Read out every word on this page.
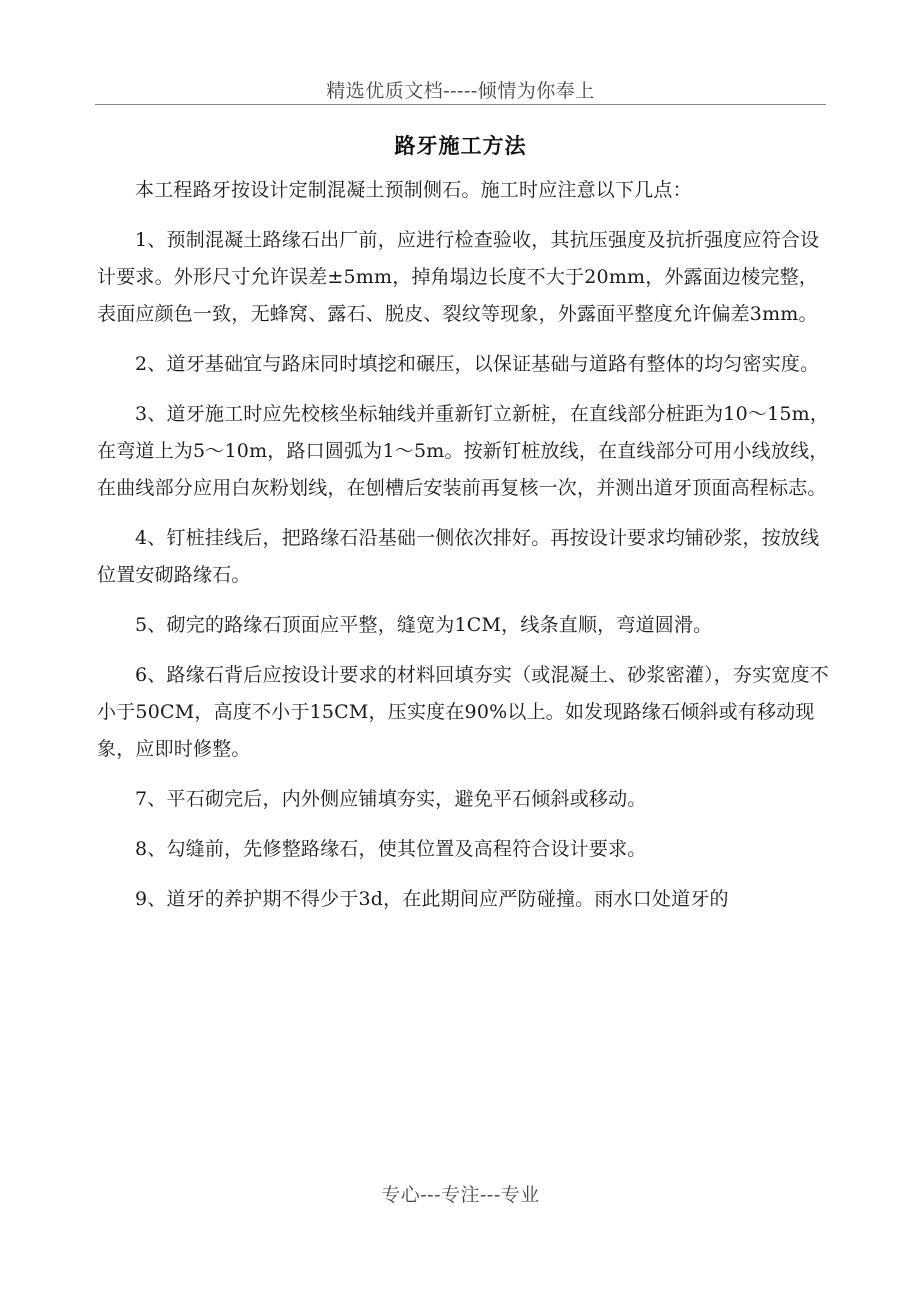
精选优质文档-----倾情为你奉上
路牙施工方法

本工程路牙按设计定制混凝土预制侧石。施工时应注意以下几点：

1、预制混凝土路缘石出厂前，应进行检查验收，其抗压强度及抗折强度应符合设计要求。外形尺寸允许误差±5mm，掉角塌边长度不大于20mm，外露面边棱完整，表面应颜色一致，无蜂窝、露石、脱皮、裂纹等现象，外露面平整度允许偏差3mm。

2、道牙基础宜与路床同时填挖和碾压，以保证基础与道路有整体的均匀密实度。

3、道牙施工时应先校核坐标轴线并重新钉立新桩，在直线部分桩距为10～15m，在弯道上为5～10m，路口圆弧为1～5m。按新钉桩放线，在直线部分可用小线放线，在曲线部分应用白灰粉划线，在刨槽后安装前再复核一次，并测出道牙顶面高程标志。

4、钉桩挂线后，把路缘石沿基础一侧依次排好。再按设计要求均铺砂浆，按放线位置安砌路缘石。

5、砌完的路缘石顶面应平整，缝宽为1CM，线条直顺，弯道圆滑。

6、路缘石背后应按设计要求的材料回填夯实（或混凝土、砂浆密灌），夯实宽度不小于50CM，高度不小于15CM，压实度在90%以上。如发现路缘石倾斜或有移动现象，应即时修整。

7、平石砌完后，内外侧应铺填夯实，避免平石倾斜或移动。

8、勾缝前，先修整路缘石，使其位置及高程符合设计要求。

9、道牙的养护期不得少于3d，在此期间应严防碰撞。雨水口处道牙的

专心---专注---专业
